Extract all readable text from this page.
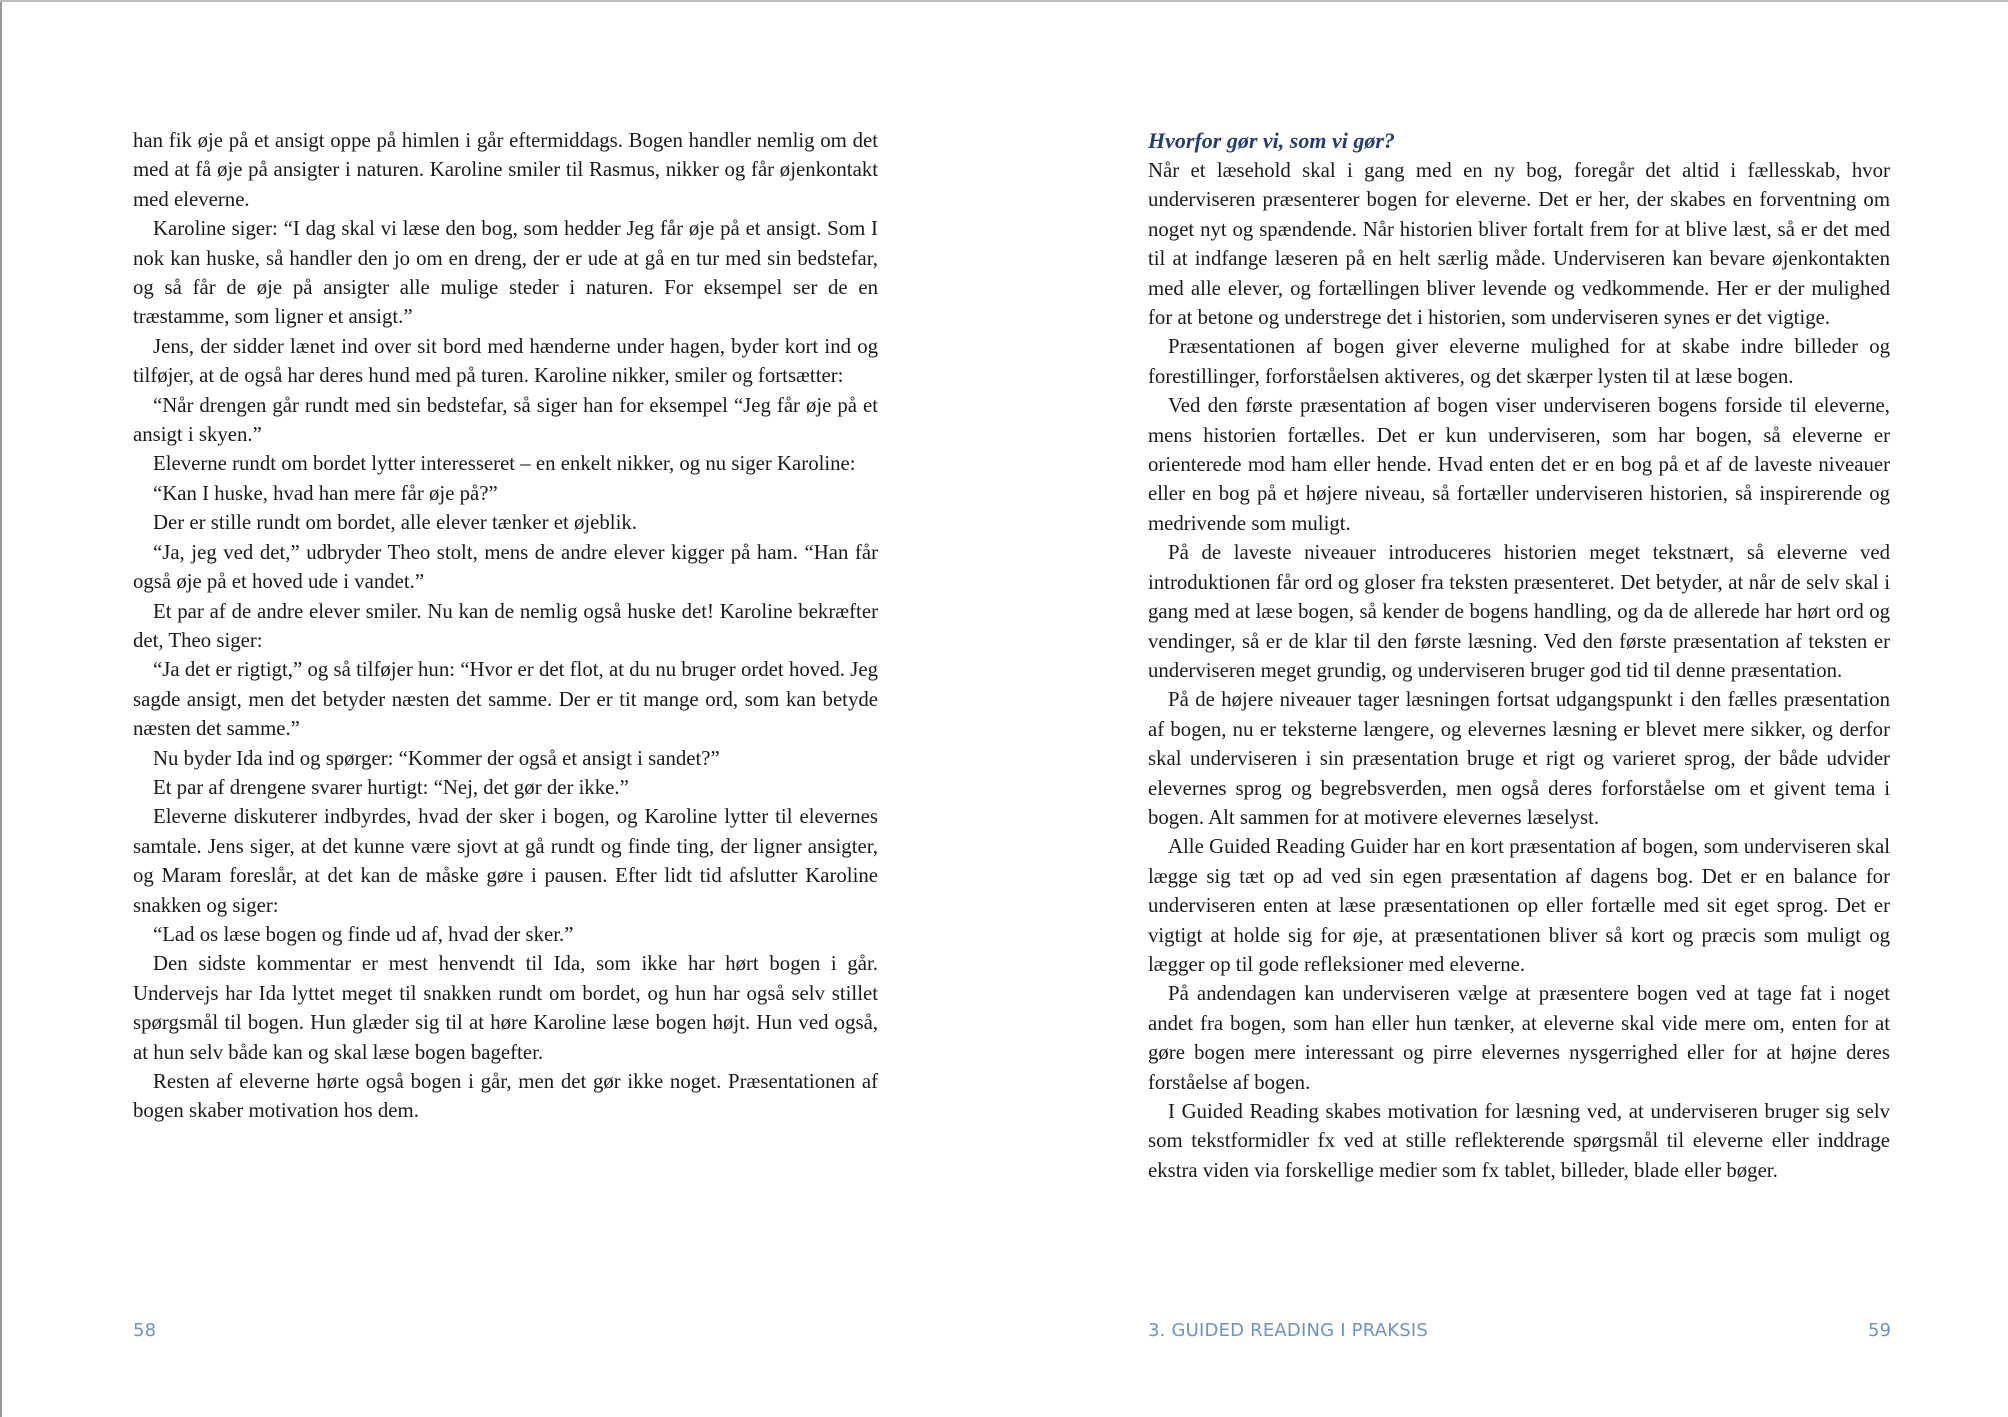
han fik øje på et ansigt oppe på himlen i går eftermiddags. Bogen handler nemlig om det med at få øje på ansigter i naturen. Karoline smiler til Rasmus, nikker og får øjenkontakt med eleverne.

Karoline siger: “I dag skal vi læse den bog, som hedder Jeg får øje på et ansigt. Som I nok kan huske, så handler den jo om en dreng, der er ude at gå en tur med sin bedstefar, og så får de øje på ansigter alle mulige steder i naturen. For eksempel ser de en træstamme, som ligner et ansigt.”

Jens, der sidder lænet ind over sit bord med hænderne under hagen, byder kort ind og tilføjer, at de også har deres hund med på turen. Karoline nikker, smiler og fortsætter:

“Når drengen går rundt med sin bedstefar, så siger han for eksempel “Jeg får øje på et ansigt i skyen.”

Eleverne rundt om bordet lytter interesseret – en enkelt nikker, og nu siger Karoline:

“Kan I huske, hvad han mere får øje på?”

Der er stille rundt om bordet, alle elever tænker et øjeblik.

“Ja, jeg ved det,” udbryder Theo stolt, mens de andre elever kigger på ham. “Han får også øje på et hoved ude i vandet.”

Et par af de andre elever smiler. Nu kan de nemlig også huske det! Karoline bekræfter det, Theo siger:

“Ja det er rigtigt,” og så tilføjer hun: “Hvor er det flot, at du nu bruger ordet hoved. Jeg sagde ansigt, men det betyder næsten det samme. Der er tit mange ord, som kan betyde næsten det samme.”

Nu byder Ida ind og spørger: “Kommer der også et ansigt i sandet?”

Et par af drengene svarer hurtigt: “Nej, det gør der ikke.”

Eleverne diskuterer indbyrdes, hvad der sker i bogen, og Karoline lytter til elevernes samtale. Jens siger, at det kunne være sjovt at gå rundt og finde ting, der ligner ansigter, og Maram foreslår, at det kan de måske gøre i pausen. Efter lidt tid afslutter Karoline snakken og siger:

“Lad os læse bogen og finde ud af, hvad der sker.”

Den sidste kommentar er mest henvendt til Ida, som ikke har hørt bogen i går. Undervejs har Ida lyttet meget til snakken rundt om bordet, og hun har også selv stillet spørgsmål til bogen. Hun glæder sig til at høre Karoline læse bogen højt. Hun ved også, at hun selv både kan og skal læse bogen bagefter.

Resten af eleverne hørte også bogen i går, men det gør ikke noget. Præsentationen af bogen skaber motivation hos dem.

Hvorfor gør vi, som vi gør?

Når et læsehold skal i gang med en ny bog, foregår det altid i fællesskab, hvor underviseren præsenterer bogen for eleverne. Det er her, der skabes en forventning om noget nyt og spændende. Når historien bliver fortalt frem for at blive læst, så er det med til at indfange læseren på en helt særlig måde. Underviseren kan bevare øjenkontakten med alle elever, og fortællingen bliver levende og vedkommende. Her er der mulighed for at betone og understrege det i historien, som underviseren synes er det vigtige.

Præsentationen af bogen giver eleverne mulighed for at skabe indre billeder og forestillinger, forforståelsen aktiveres, og det skærper lysten til at læse bogen.

Ved den første præsentation af bogen viser underviseren bogens forside til eleverne, mens historien fortælles. Det er kun underviseren, som har bogen, så eleverne er orienterede mod ham eller hende. Hvad enten det er en bog på et af de laveste niveauer eller en bog på et højere niveau, så fortæller underviseren historien, så inspirerende og medrivende som muligt.

På de laveste niveauer introduceres historien meget tekstnært, så eleverne ved introduktionen får ord og gloser fra teksten præsenteret. Det betyder, at når de selv skal i gang med at læse bogen, så kender de bogens handling, og da de allerede har hørt ord og vendinger, så er de klar til den første læsning. Ved den første præsentation af teksten er underviseren meget grundig, og underviseren bruger god tid til denne præsentation.

På de højere niveauer tager læsningen fortsat udgangspunkt i den fælles præsentation af bogen, nu er teksterne længere, og elevernes læsning er blevet mere sikker, og derfor skal underviseren i sin præsentation bruge et rigt og varieret sprog, der både udvider elevernes sprog og begrebsverden, men også deres forforståelse om et givent tema i bogen. Alt sammen for at motivere elevernes læselyst.

Alle Guided Reading Guider har en kort præsentation af bogen, som underviseren skal lægge sig tæt op ad ved sin egen præsentation af dagens bog. Det er en balance for underviseren enten at læse præsentationen op eller fortælle med sit eget sprog. Det er vigtigt at holde sig for øje, at præsentationen bliver så kort og præcis som muligt og lægger op til gode refleksioner med eleverne.

På andendagen kan underviseren vælge at præsentere bogen ved at tage fat i noget andet fra bogen, som han eller hun tænker, at eleverne skal vide mere om, enten for at gøre bogen mere interessant og pirre elevernes nysgerrighed eller for at højne deres forståelse af bogen.

I Guided Reading skabes motivation for læsning ved, at underviseren bruger sig selv som tekstformidler fx ved at stille reflekterende spørgsmål til eleverne eller inddrage ekstra viden via forskellige medier som fx tablet, billeder, blade eller bøger.

58	3. GUIDED READING I PRAKSIS	59
